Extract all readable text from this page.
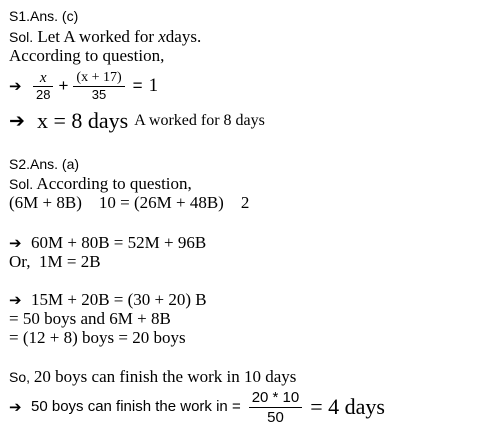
S1.Ans. (c)
Sol. Let A worked for xdays.
According to question,
➔ $\frac{x}{28} + \frac{(x + 17)}{35} = 1$
➔ x = 8 days A worked for 8 days
S2.Ans. (a)
Sol. According to question,
(6M + 8B)    10 = (26M + 48B)    2
➔ 60M + 80B = 52M + 96B
Or,  1M = 2B
➔ 15M + 20B = (30 + 20) B
= 50 boys and 6M + 8B
= (12 + 8) boys = 20 boys
So, 20 boys can finish the work in 10 days
➔ 50 boys can finish the work in = $\frac{20 * 10}{50} = 4$ days
